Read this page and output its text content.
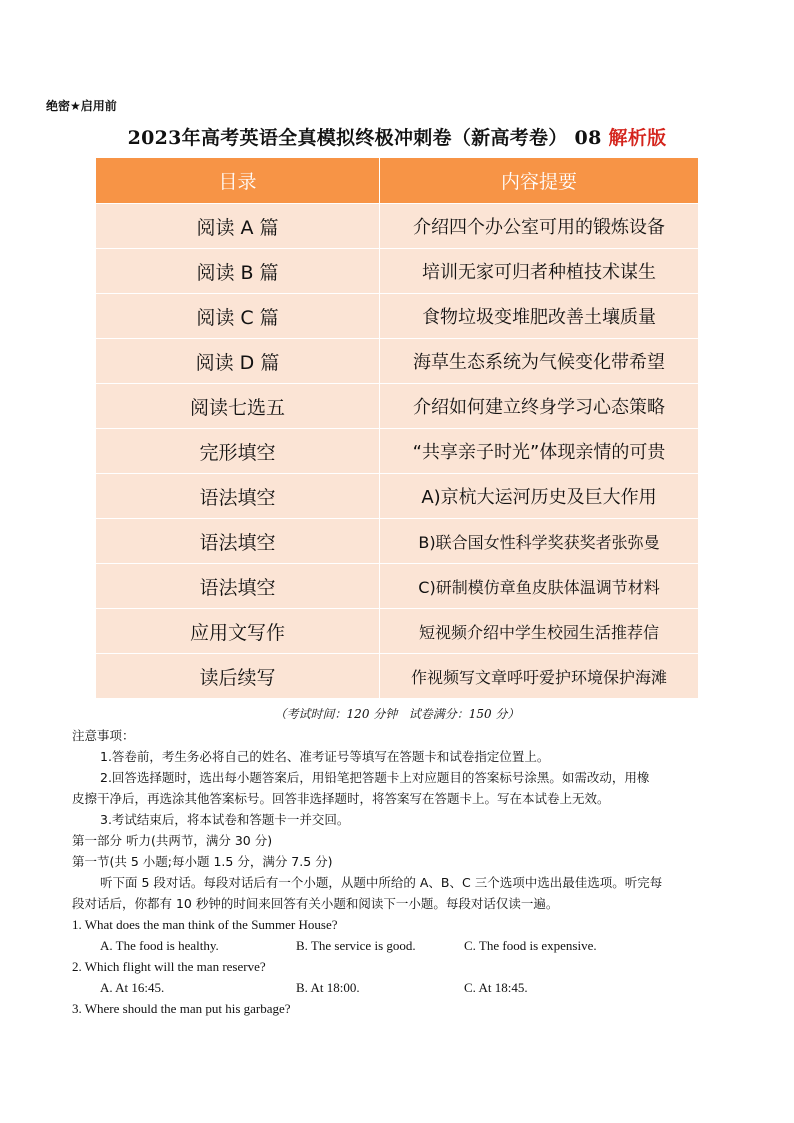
绝密★启用前
2023年高考英语全真模拟终极冲刺卷（新高考卷） 08 解析版
目录	内容提要
阅读 A 篇	介绍四个办公室可用的锻炼设备
阅读 B 篇	培训无家可归者种植技术谋生
阅读 C 篇	食物垃圾变堆肥改善土壤质量
阅读 D 篇	海草生态系统为气候变化带希望
阅读七选五	介绍如何建立终身学习心态策略
完形填空	“共享亲子时光”体现亲情的可贵
语法填空	A)京杭大运河历史及巨大作用
语法填空	B)联合国女性科学奖获奖者张弥曼
语法填空	C)研制模仿章鱼皮肤体温调节材料
应用文写作	短视频介绍中学生校园生活推荐信
读后续写	作视频写文章呼吁爱护环境保护海滩
（考试时间：120 分钟   试卷满分：150 分）

注意事项：

1.答卷前，考生务必将自己的姓名、准考证号等填写在答题卡和试卷指定位置上。

2.回答选择题时，选出每小题答案后，用铅笔把答题卡上对应题目的答案标号涂黑。如需改动，用橡

皮擦干净后，再选涂其他答案标号。回答非选择题时，将答案写在答题卡上。写在本试卷上无效。

3.考试结束后，将本试卷和答题卡一并交回。

第一部分 听力(共两节，满分 30 分)

第一节(共 5 小题;每小题 1.5 分，满分 7.5 分)

听下面 5 段对话。每段对话后有一个小题，从题中所给的 A、B、C 三个选项中选出最佳选项。听完每

段对话后，你都有 10 秒钟的时间来回答有关小题和阅读下一小题。每段对话仅读一遍。

1. What does the man think of the Summer House?

A. The food is healthy.	B. The service is good.	C. The food is expensive.

2. Which flight will the man reserve?

A. At 16:45.	B. At 18:00.	C. At 18:45.

3. Where should the man put his garbage?
